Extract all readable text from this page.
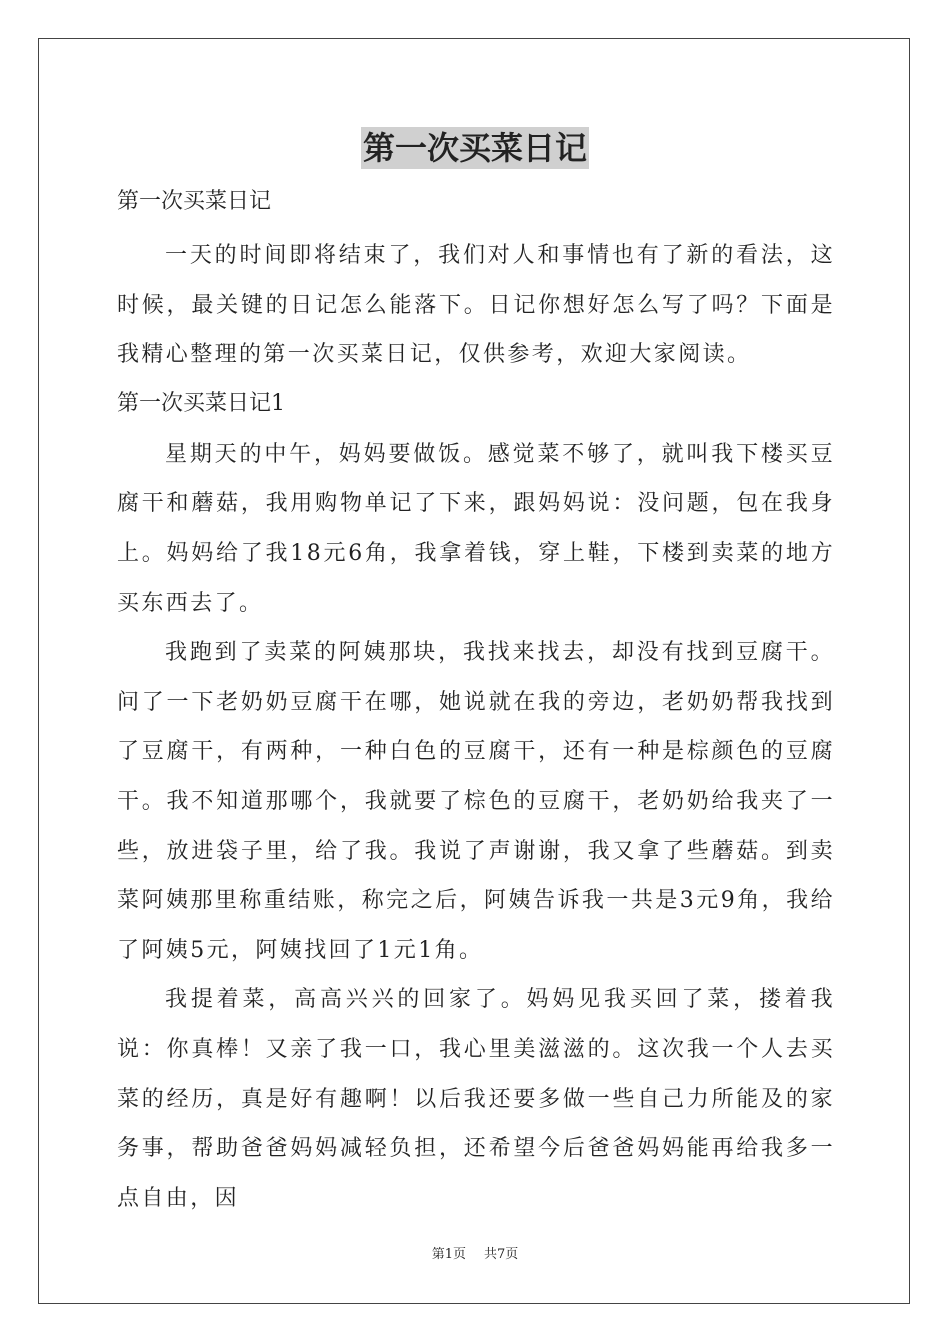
第一次买菜日记

第一次买菜日记

一天的时间即将结束了，我们对人和事情也有了新的看法，这时候，最关键的日记怎么能落下。日记你想好怎么写了吗？下面是我精心整理的第一次买菜日记，仅供参考，欢迎大家阅读。

第一次买菜日记1

星期天的中午，妈妈要做饭。感觉菜不够了，就叫我下楼买豆腐干和蘑菇，我用购物单记了下来，跟妈妈说：没问题，包在我身上。妈妈给了我18元6角，我拿着钱，穿上鞋，下楼到卖菜的地方买东西去了。

我跑到了卖菜的阿姨那块，我找来找去，却没有找到豆腐干。问了一下老奶奶豆腐干在哪，她说就在我的旁边，老奶奶帮我找到了豆腐干，有两种，一种白色的豆腐干，还有一种是棕颜色的豆腐干。我不知道那哪个，我就要了棕色的豆腐干，老奶奶给我夹了一些，放进袋子里，给了我。我说了声谢谢，我又拿了些蘑菇。到卖菜阿姨那里称重结账，称完之后，阿姨告诉我一共是3元9角，我给了阿姨5元，阿姨找回了1元1角。

我提着菜，高高兴兴的回家了。妈妈见我买回了菜，搂着我说：你真棒！又亲了我一口，我心里美滋滋的。这次我一个人去买菜的经历，真是好有趣啊！以后我还要多做一些自己力所能及的家务事，帮助爸爸妈妈减轻负担，还希望今后爸爸妈妈能再给我多一点自由，因

第1页 共7页
